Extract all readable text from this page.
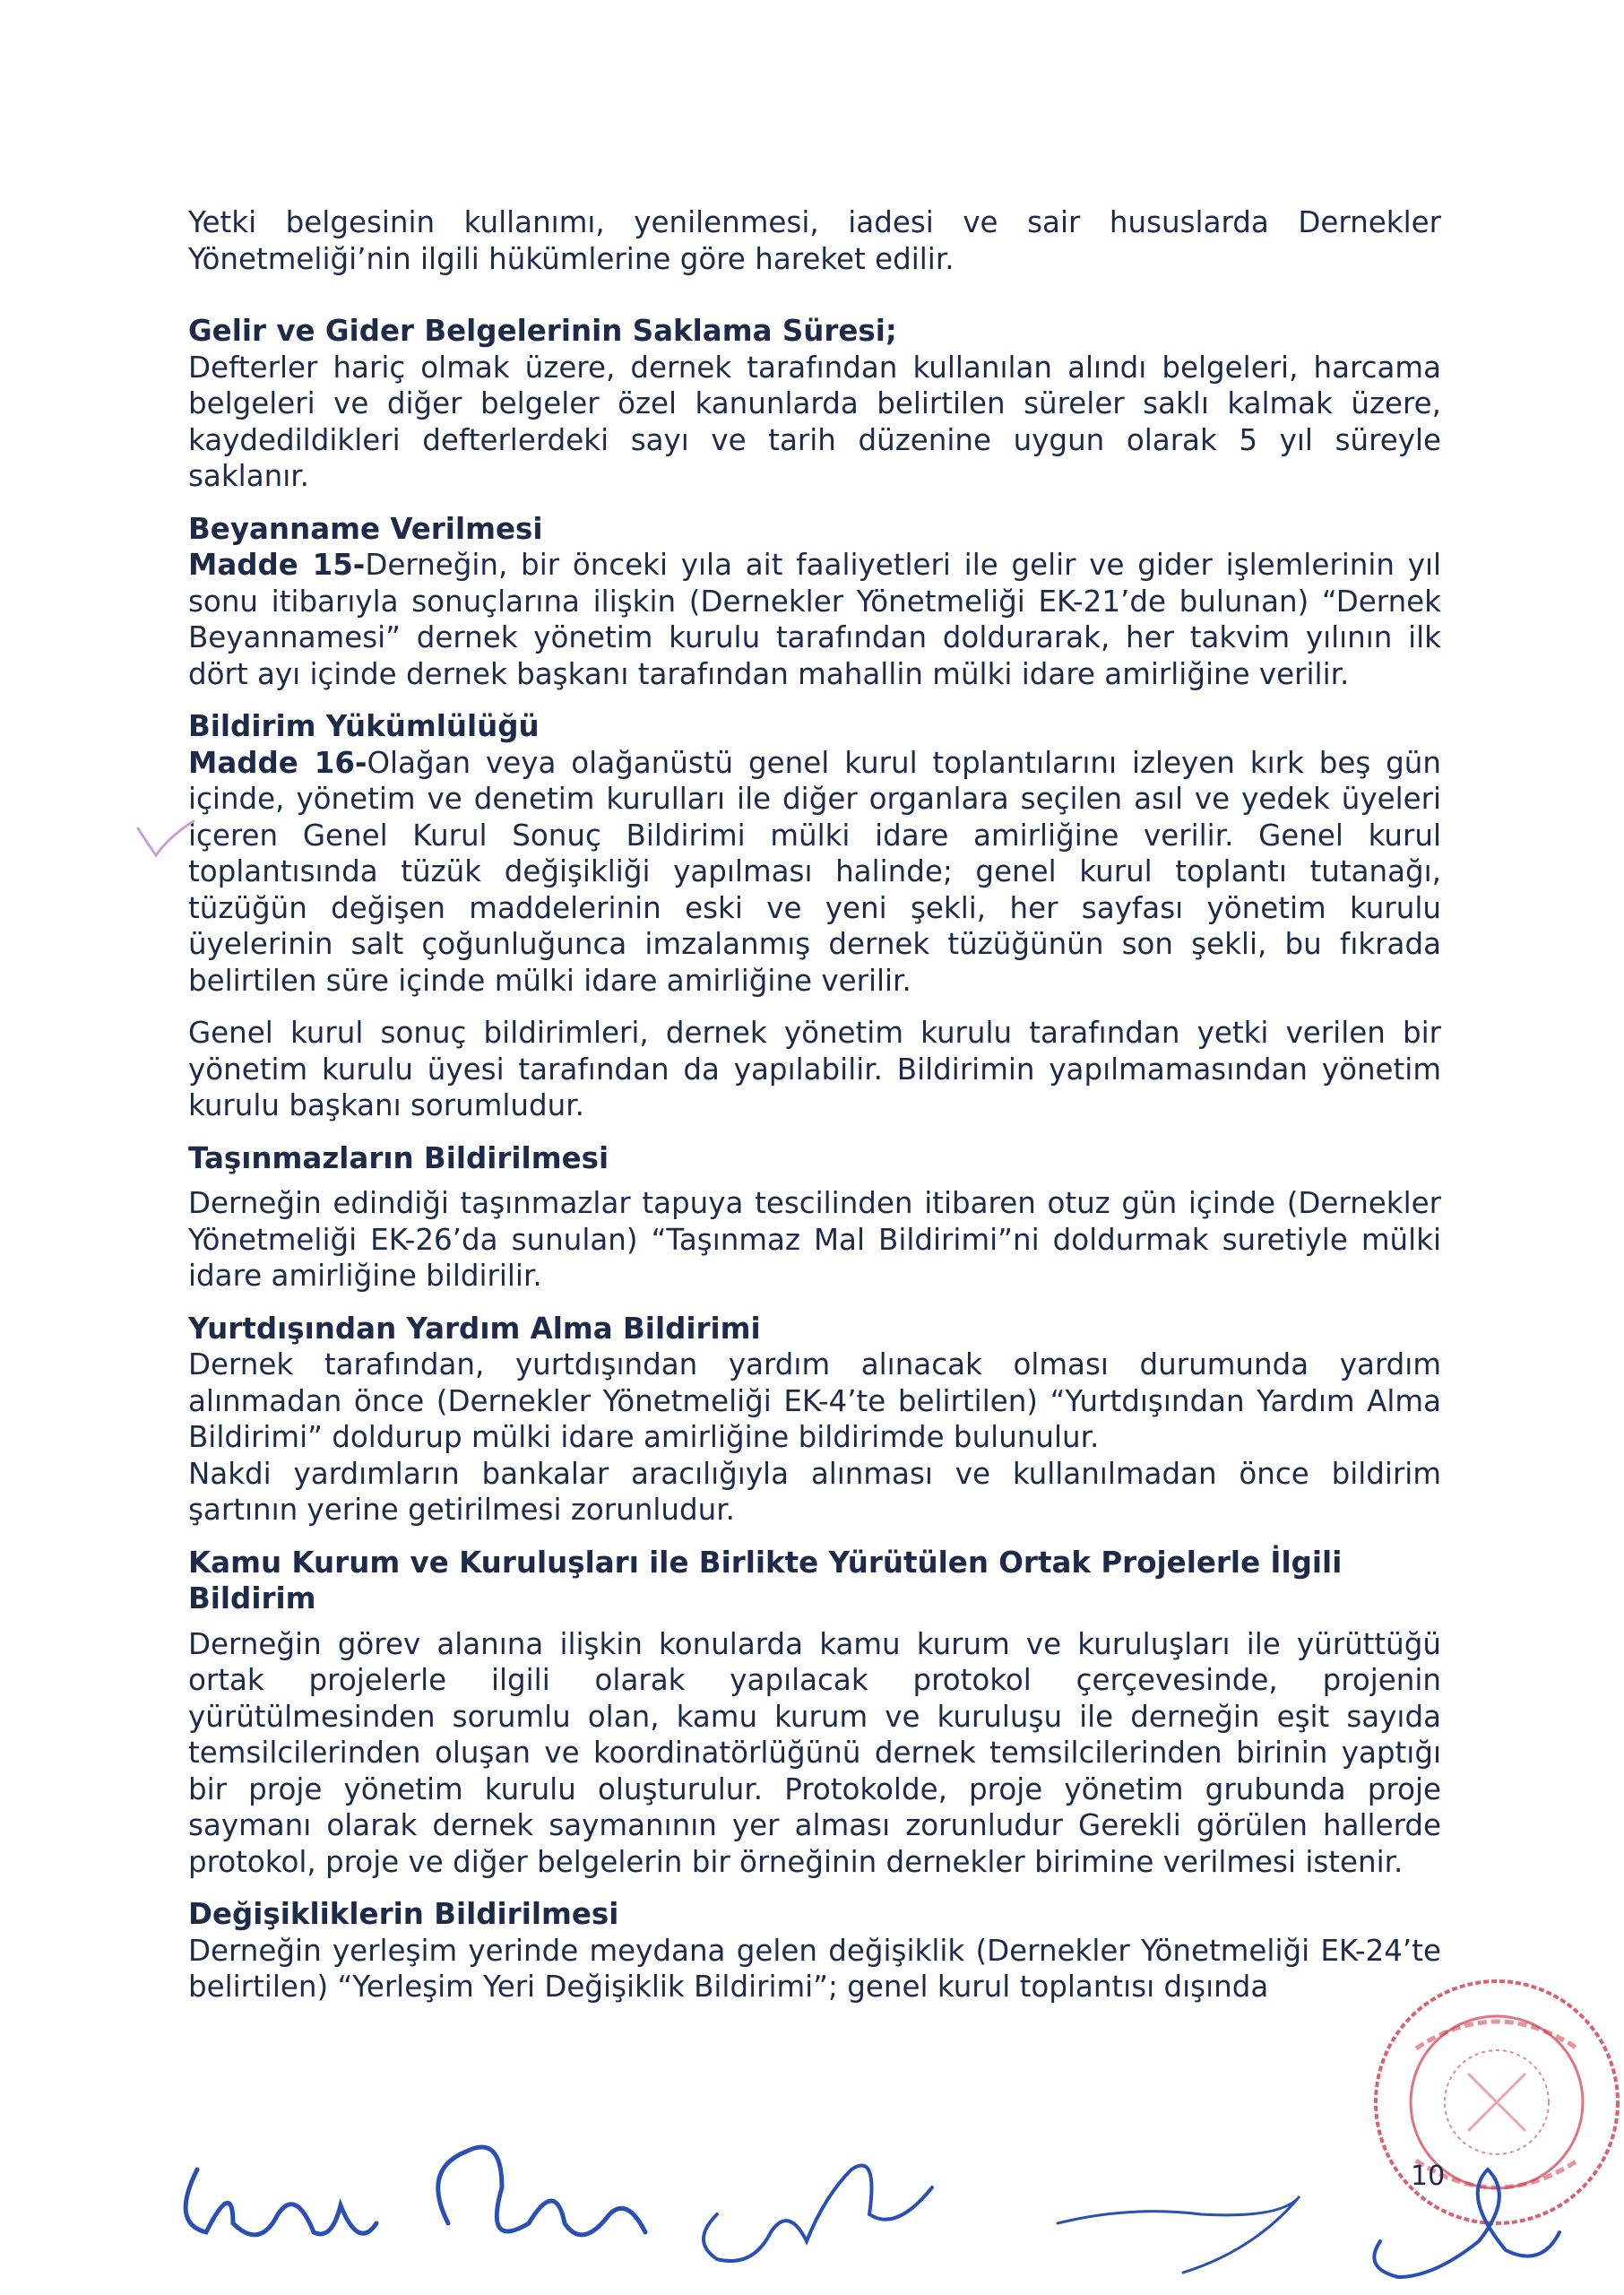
Yetki belgesinin kullanımı, yenilenmesi, iadesi ve sair hususlarda Dernekler Yönetmeliği’nin ilgili hükümlerine göre hareket edilir.

Gelir ve Gider Belgelerinin Saklama Süresi;

Defterler hariç olmak üzere, dernek tarafından kullanılan alındı belgeleri, harcama belgeleri ve diğer belgeler özel kanunlarda belirtilen süreler saklı kalmak üzere, kaydedildikleri defterlerdeki sayı ve tarih düzenine uygun olarak 5 yıl süreyle saklanır.

Beyanname Verilmesi

Madde 15-Derneğin, bir önceki yıla ait faaliyetleri ile gelir ve gider işlemlerinin yıl sonu itibarıyla sonuçlarına ilişkin (Dernekler Yönetmeliği EK-21’de bulunan) “Dernek Beyannamesi” dernek yönetim kurulu tarafından doldurarak, her takvim yılının ilk dört ayı içinde dernek başkanı tarafından mahallin mülki idare amirliğine verilir.

Bildirim Yükümlülüğü

Madde 16-Olağan veya olağanüstü genel kurul toplantılarını izleyen kırk beş gün içinde, yönetim ve denetim kurulları ile diğer organlara seçilen asıl ve yedek üyeleri içeren Genel Kurul Sonuç Bildirimi mülki idare amirliğine verilir. Genel kurul toplantısında tüzük değişikliği yapılması halinde; genel kurul toplantı tutanağı, tüzüğün değişen maddelerinin eski ve yeni şekli, her sayfası yönetim kurulu üyelerinin salt çoğunluğunca imzalanmış dernek tüzüğünün son şekli, bu fıkrada belirtilen süre içinde mülki idare amirliğine verilir.

Genel kurul sonuç bildirimleri, dernek yönetim kurulu tarafından yetki verilen bir yönetim kurulu üyesi tarafından da yapılabilir. Bildirimin yapılmamasından yönetim kurulu başkanı sorumludur.

Taşınmazların Bildirilmesi

Derneğin edindiği taşınmazlar tapuya tescilinden itibaren otuz gün içinde (Dernekler Yönetmeliği EK-26’da sunulan) “Taşınmaz Mal Bildirimi”ni doldurmak suretiyle mülki idare amirliğine bildirilir.

Yurtdışından Yardım Alma Bildirimi

Dernek tarafından, yurtdışından yardım alınacak olması durumunda yardım alınmadan önce (Dernekler Yönetmeliği EK-4’te belirtilen) “Yurtdışından Yardım Alma Bildirimi” doldurup mülki idare amirliğine bildirimde bulunulur.

Nakdi yardımların bankalar aracılığıyla alınması ve kullanılmadan önce bildirim şartının yerine getirilmesi zorunludur.

Kamu Kurum ve Kuruluşları ile Birlikte Yürütülen Ortak Projelerle İlgili Bildirim

Derneğin görev alanına ilişkin konularda kamu kurum ve kuruluşları ile yürüttüğü ortak projelerle ilgili olarak yapılacak protokol çerçevesinde, projenin yürütülmesinden sorumlu olan, kamu kurum ve kuruluşu ile derneğin eşit sayıda temsilcilerinden oluşan ve koordinatörlüğünü dernek temsilcilerinden birinin yaptığı bir proje yönetim kurulu oluşturulur. Protokolde, proje yönetim grubunda proje saymanı olarak dernek saymanının yer alması zorunludur Gerekli görülen hallerde protokol, proje ve diğer belgelerin bir örneğinin dernekler birimine verilmesi istenir.

Değişikliklerin Bildirilmesi

Derneğin yerleşim yerinde meydana gelen değişiklik (Dernekler Yönetmeliği EK-24’te belirtilen) “Yerleşim Yeri Değişiklik Bildirimi”; genel kurul toplantısı dışında

10
